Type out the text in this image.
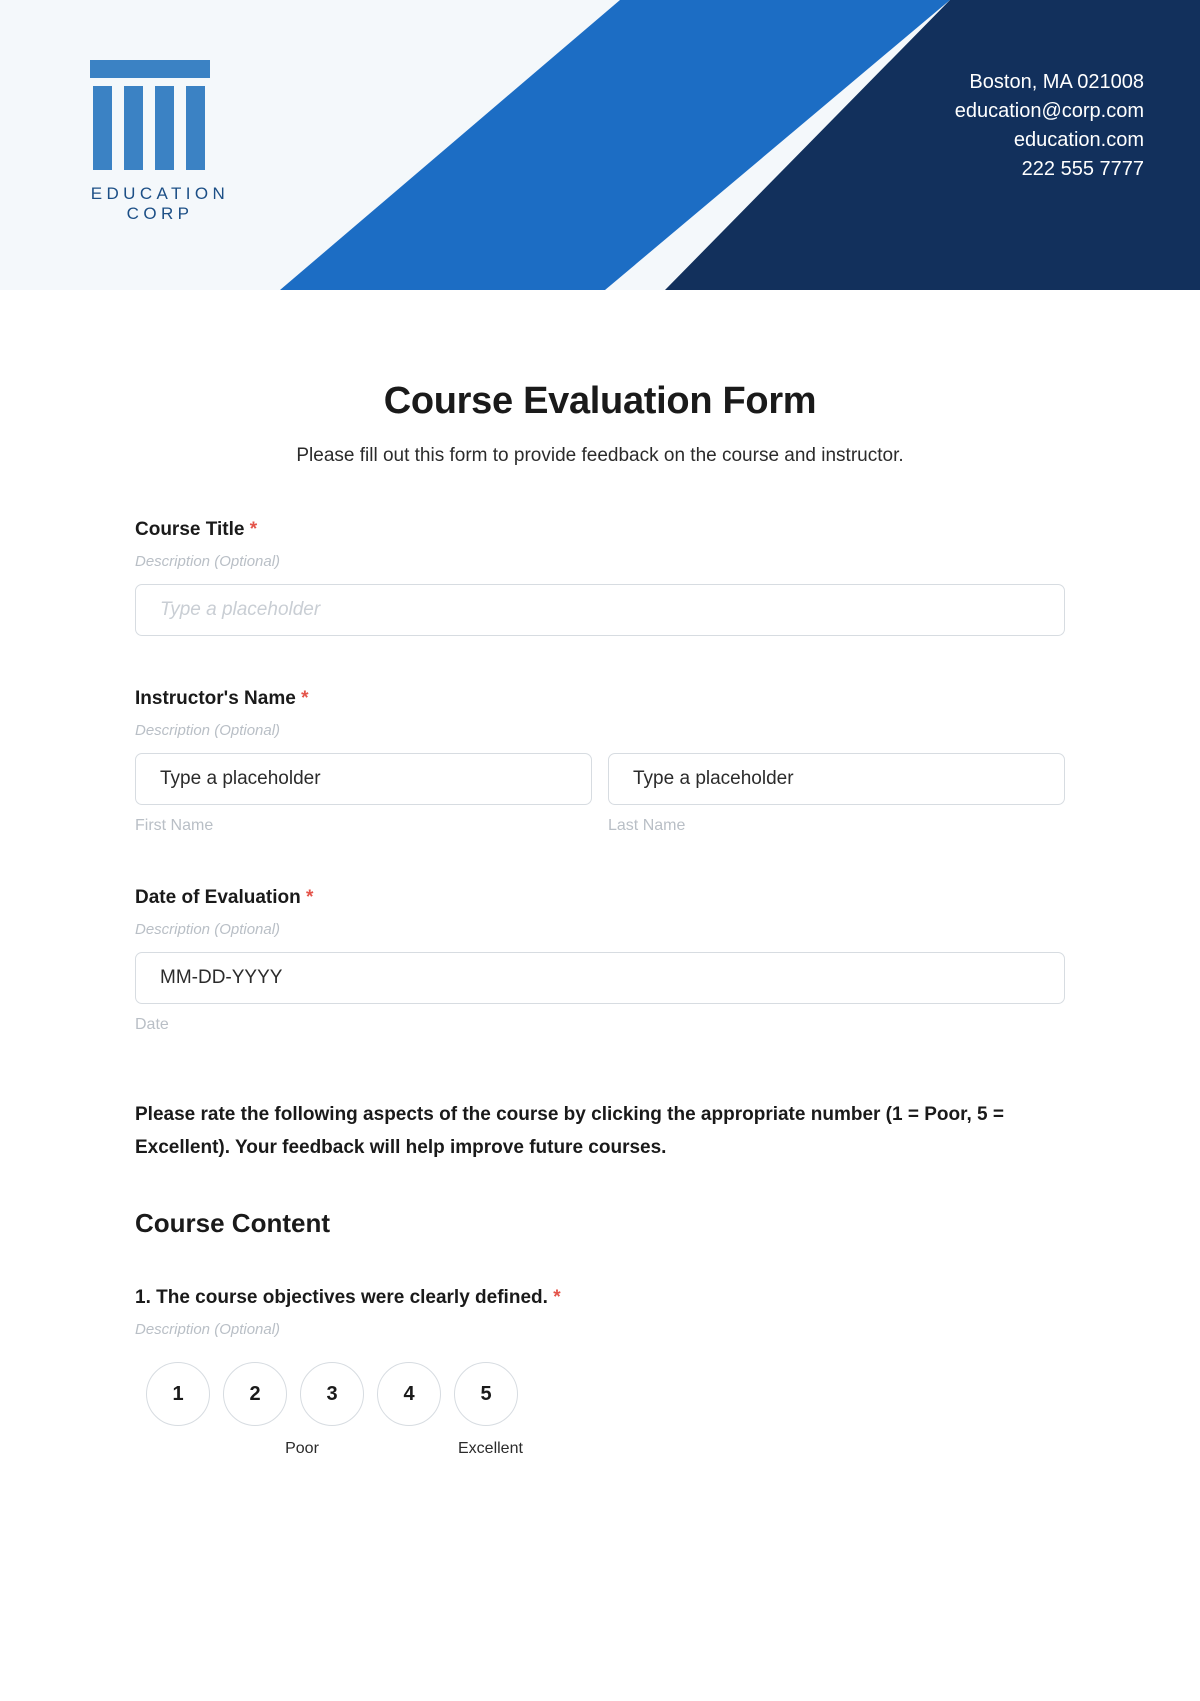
EDUCATION CORP
Boston, MA 021008
education@corp.com
education.com
222 555 7777
Course Evaluation Form
Please fill out this form to provide feedback on the course and instructor.
Course Title *
Description (Optional)
Type a placeholder
Instructor's Name *
Description (Optional)
Type a placeholder
First Name
Type a placeholder
Last Name
Date of Evaluation *
Description (Optional)
MM-DD-YYYY
Date
Please rate the following aspects of the course by clicking the appropriate number (1 = Poor, 5 = Excellent). Your feedback will help improve future courses.
Course Content
1. The course objectives were clearly defined. *
Description (Optional)
1	2	3	4	5
Poor	Excellent
